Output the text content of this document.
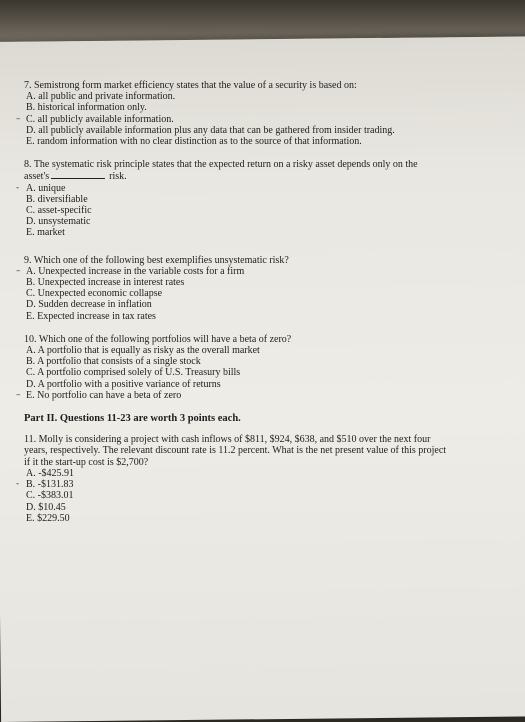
7. Semistrong form market efficiency states that the value of a security is based on:

A. all public and private information.

B. historical information only.

– C. all publicly available information.

D. all publicly available information plus any data that can be gathered from insider trading.

E. random information with no clear distinction as to the source of that information.

8. The systematic risk principle states that the expected return on a risky asset depends only on the

asset's	risk.

- A. unique

B. diversifiable

C. asset-specific

D. unsystematic

E. market

9. Which one of the following best exemplifies unsystematic risk?

– A. Unexpected increase in the variable costs for a firm

B. Unexpected increase in interest rates

C. Unexpected economic collapse

D. Sudden decrease in inflation

E. Expected increase in tax rates

10. Which one of the following portfolios will have a beta of zero?

A. A portfolio that is equally as risky as the overall market

B. A portfolio that consists of a single stock

C. A portfolio comprised solely of U.S. Treasury bills

D. A portfolio with a positive variance of returns

– E. No portfolio can have a beta of zero

Part II. Questions 11-23 are worth 3 points each.

11. Molly is considering a project with cash inflows of $811, $924, $638, and $510 over the next four

years, respectively. The relevant discount rate is 11.2 percent. What is the net present value of this project

if it the start-up cost is $2,700?

A. -$425.91

- B. -$131.83

C. -$383.01

D. $10.45

E. $229.50
